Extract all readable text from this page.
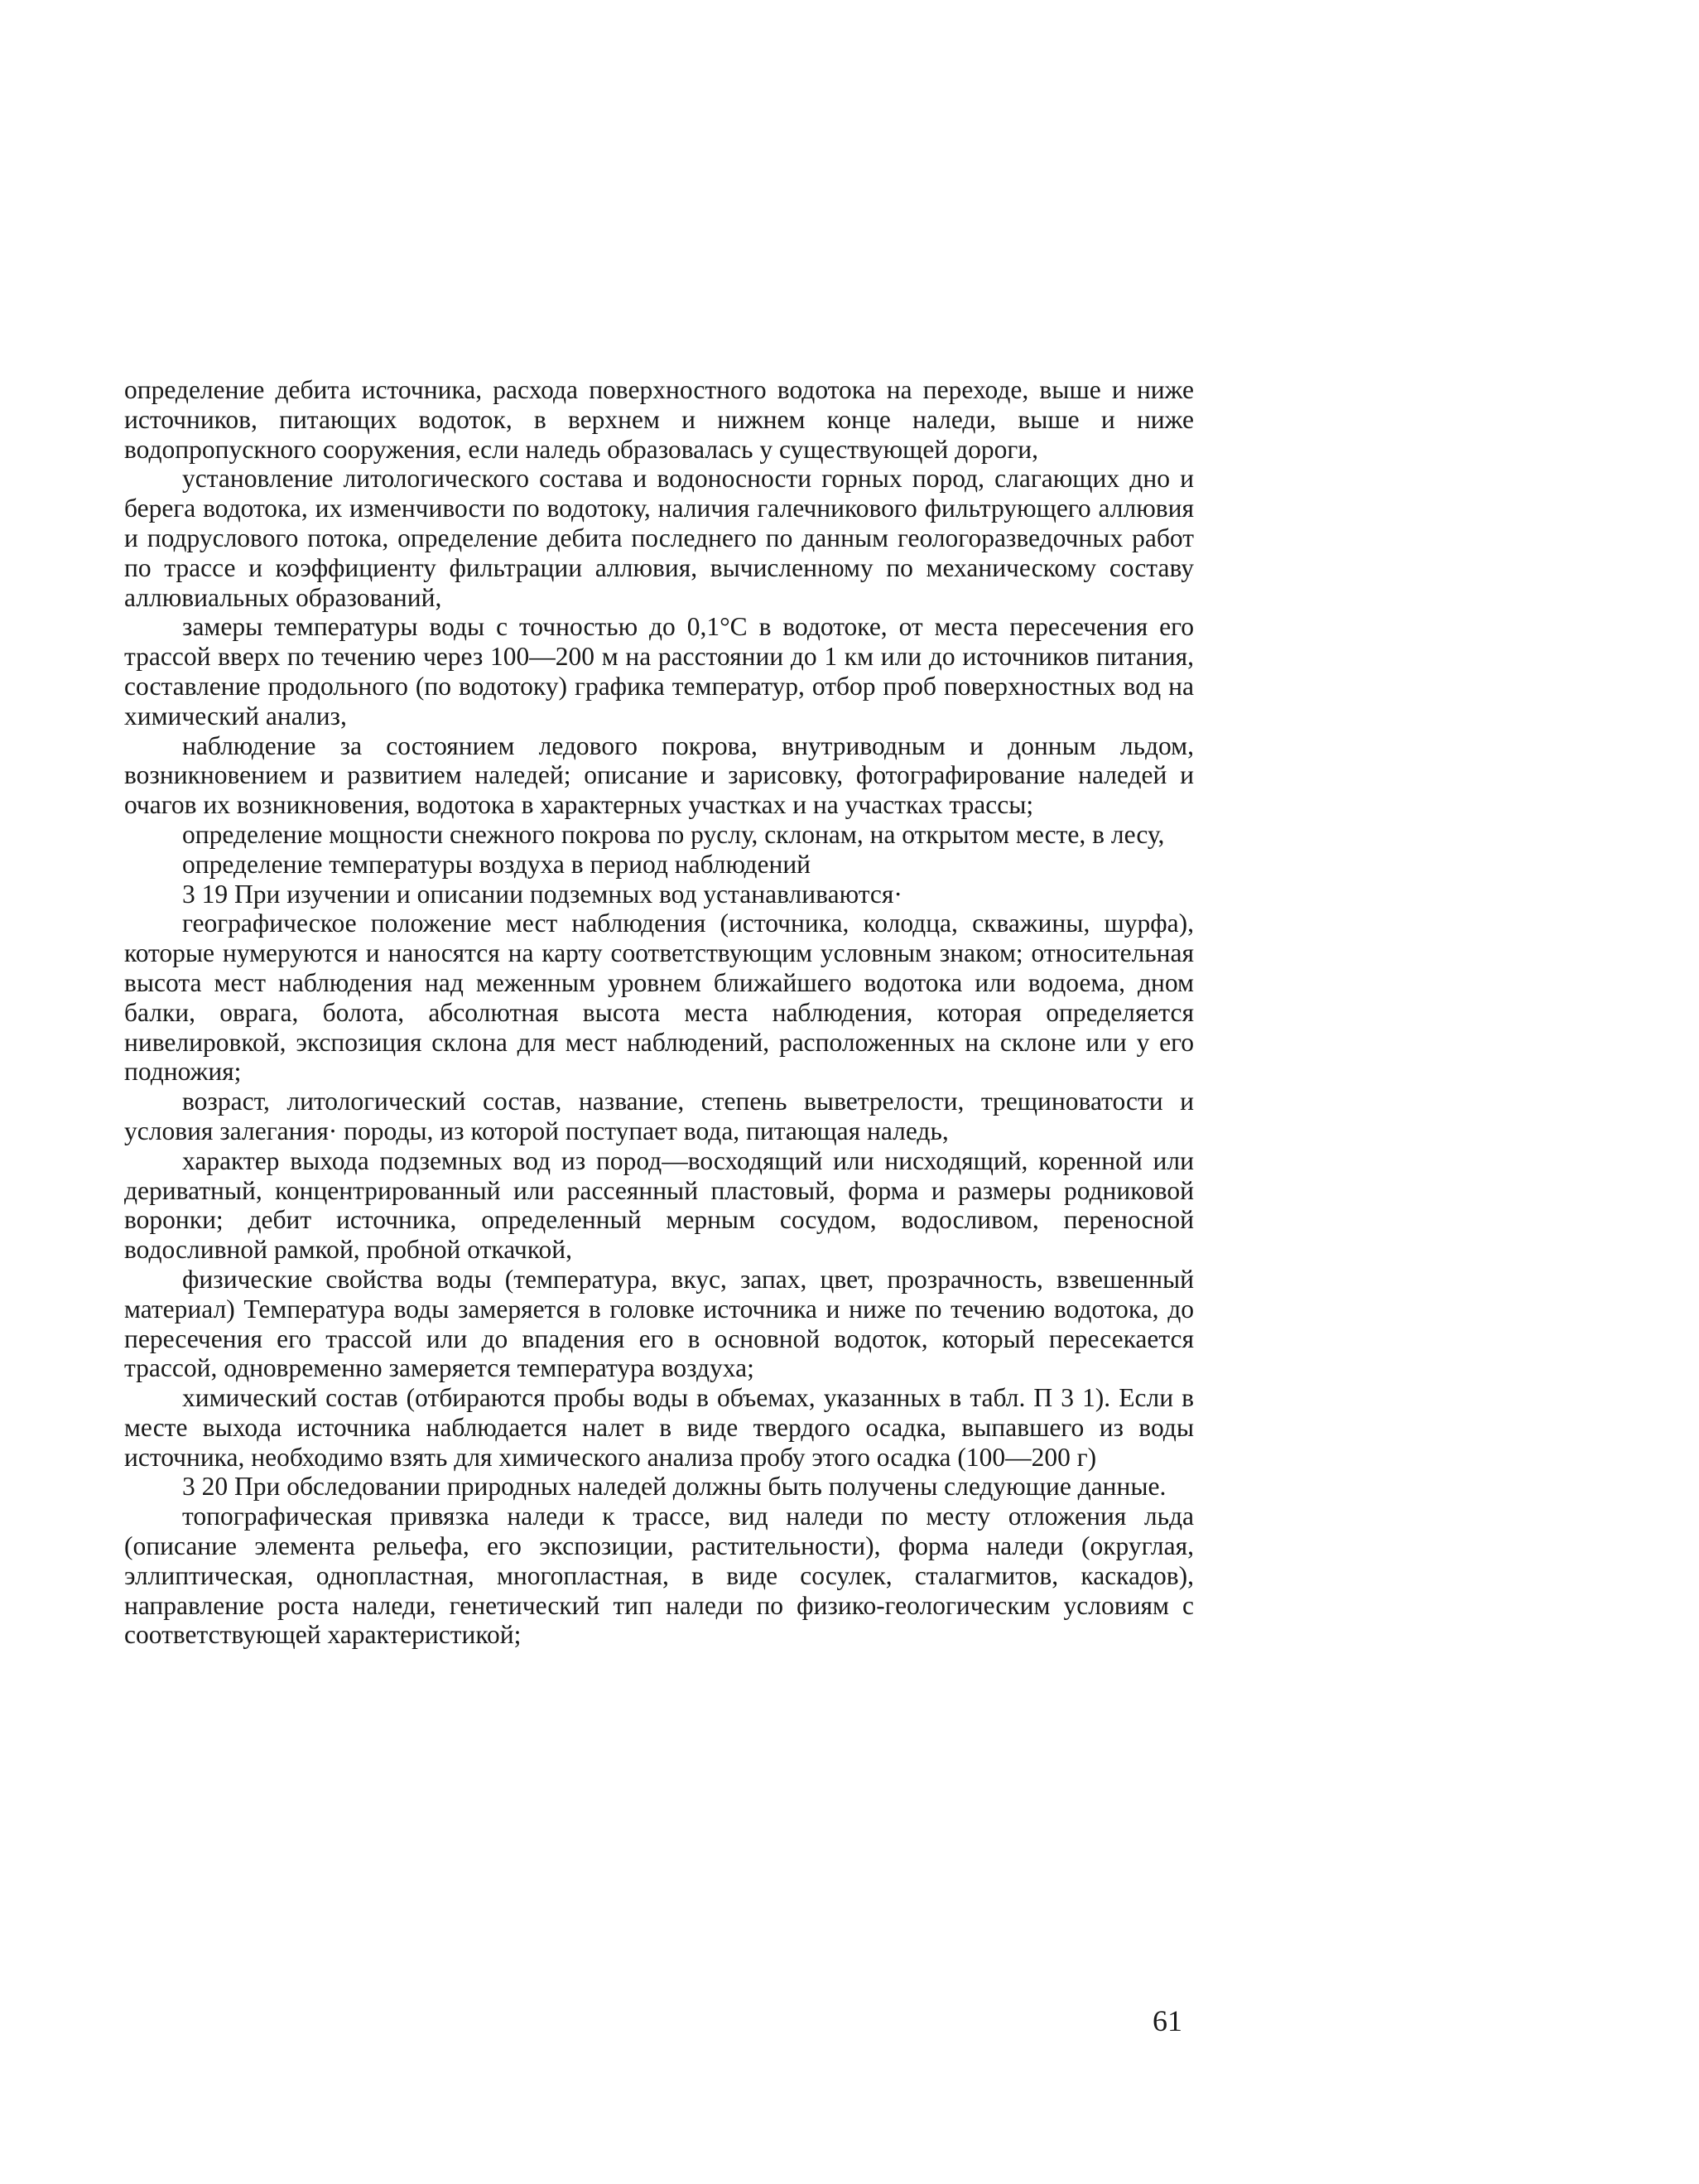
определение дебита источника, расхода поверхностного водотока на переходе, выше и ниже источников, питающих водоток, в верхнем и нижнем конце наледи, выше и ниже водопропускного сооружения, если наледь образовалась у существующей дороги,

установление литологического состава и водоносности горных пород, слагающих дно и берега водотока, их изменчивости по водотоку, наличия галечникового фильтрующего аллювия и подруслового потока, определение дебита последнего по данным геологоразведочных работ по трассе и коэффициенту фильтрации аллювия, вычисленному по механическому составу аллювиальных образований,

замеры температуры воды с точностью до 0,1°С в водотоке, от места пересечения его трассой вверх по течению через 100—200 м на расстоянии до 1 км или до источников питания, составление продольного (по водотоку) графика температур, отбор проб поверхностных вод на химический анализ,

наблюдение за состоянием ледового покрова, внутриводным и донным льдом, возникновением и развитием наледей; описание и зарисовку, фотографирование наледей и очагов их возникновения, водотока в характерных участках и на участках трассы;

определение мощности снежного покрова по руслу, склонам, на открытом месте, в лесу,

определение температуры воздуха в период наблюдений

3 19 При изучении и описании подземных вод устанавливаются·

географическое положение мест наблюдения (источника, колодца, скважины, шурфа), которые нумеруются и наносятся на карту соответствующим условным знаком; относительная высота мест наблюдения над меженным уровнем ближайшего водотока или водоема, дном балки, оврага, болота, абсолютная высота места наблюдения, которая определяется нивелировкой, экспозиция склона для мест наблюдений, расположенных на склоне или у его подножия;

возраст, литологический состав, название, степень выветрелости, трещиноватости и условия залегания· породы, из которой поступает вода, питающая наледь,

характер выхода подземных вод из пород—восходящий или нисходящий, коренной или дериватный, концентрированный или рассеянный пластовый, форма и размеры родниковой воронки; дебит источника, определенный мерным сосудом, водосливом, переносной водосливной рамкой, пробной откачкой,

физические свойства воды (температура, вкус, запах, цвет, прозрачность, взвешенный материал) Температура воды замеряется в головке источника и ниже по течению водотока, до пересечения его трассой или до впадения его в основной водоток, который пересекается трассой, одновременно замеряется температура воздуха;

химический состав (отбираются пробы воды в объемах, указанных в табл. П 3 1). Если в месте выхода источника наблюдается налет в виде твердого осадка, выпавшего из воды источника, необходимо взять для химического анализа пробу этого осадка (100—200 г)

3 20 При обследовании природных наледей должны быть получены следующие данные.

топографическая привязка наледи к трассе, вид наледи по месту отложения льда (описание элемента рельефа, его экспозиции, растительности), форма наледи (округлая, эллиптическая, однопластная, многопластная, в виде сосулек, сталагмитов, каскадов), направление роста наледи, генетический тип наледи по физико-геологическим условиям с соответствующей характеристикой;

61
